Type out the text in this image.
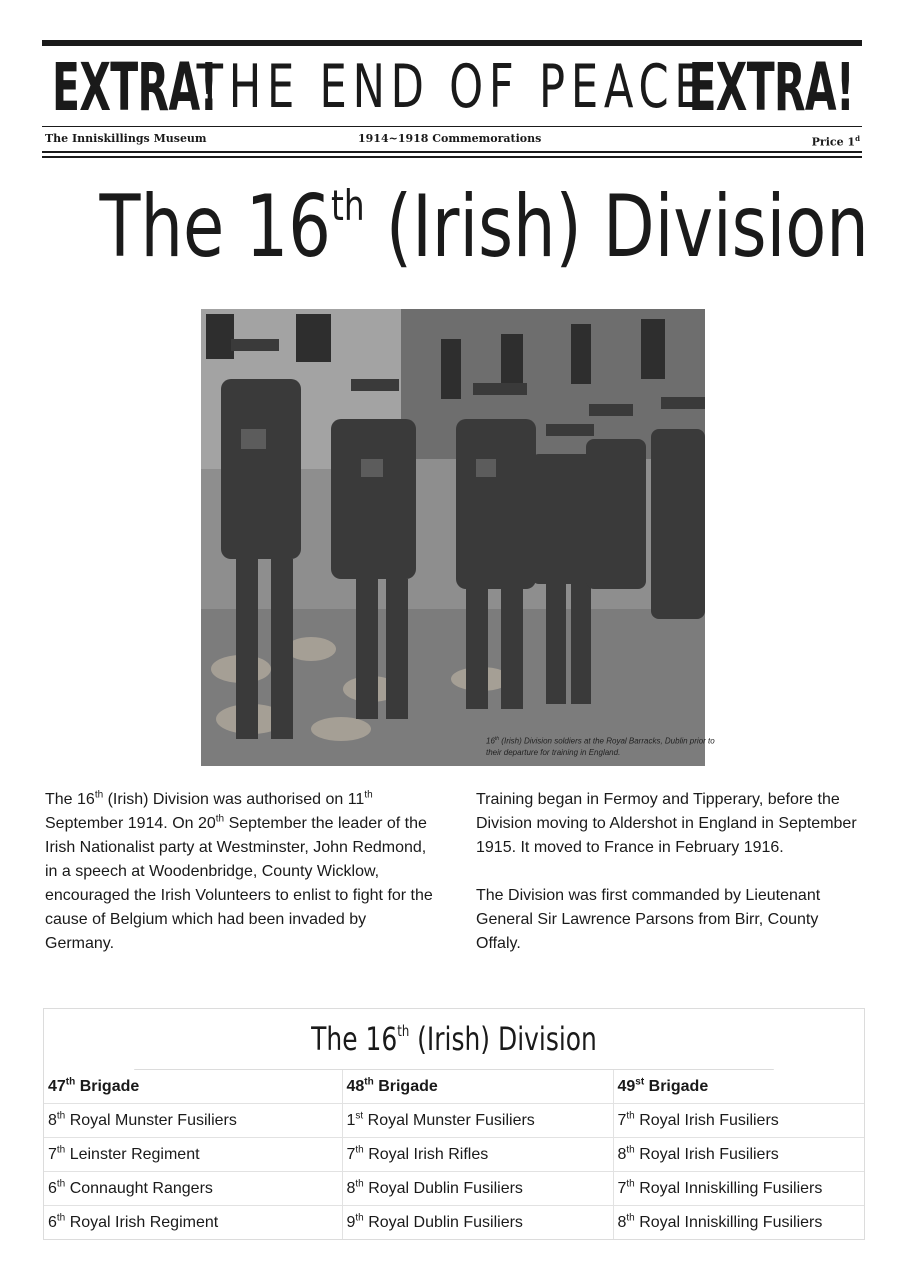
EXTRA!
THE END OF PEACE
EXTRA!
The Inniskillings Museum	1914~1918 Commemorations	Price 1$^d$
The 16th (Irish) Division
16th (Irish) Division soldiers at the Royal Barracks, Dublin prior to their departure for training in England.

The 16th (Irish) Division was authorised on 11th September 1914. On 20th September the leader of the Irish Nationalist party at Westminster, John Redmond, in a speech at Woodenbridge, County Wicklow, encouraged the Irish Volunteers to enlist to fight for the cause of Belgium which had been invaded by Germany.

Training began in Fermoy and Tipperary, before the Division moving to Aldershot in England in September 1915. It moved to France in February 1916.

The Division was first commanded by Lieutenant General Sir Lawrence Parsons from Birr, County Offaly.

The 16th (Irish) Division
47th Brigade	48th Brigade	49st Brigade
8th Royal Munster Fusiliers	1st Royal Munster Fusiliers	7th Royal Irish Fusiliers
7th Leinster Regiment	7th Royal Irish Rifles	8th Royal Irish Fusiliers
6th Connaught Rangers	8th Royal Dublin Fusiliers	7th Royal Inniskilling Fusiliers
6th Royal Irish Regiment	9th Royal Dublin Fusiliers	8th Royal Inniskilling Fusiliers
